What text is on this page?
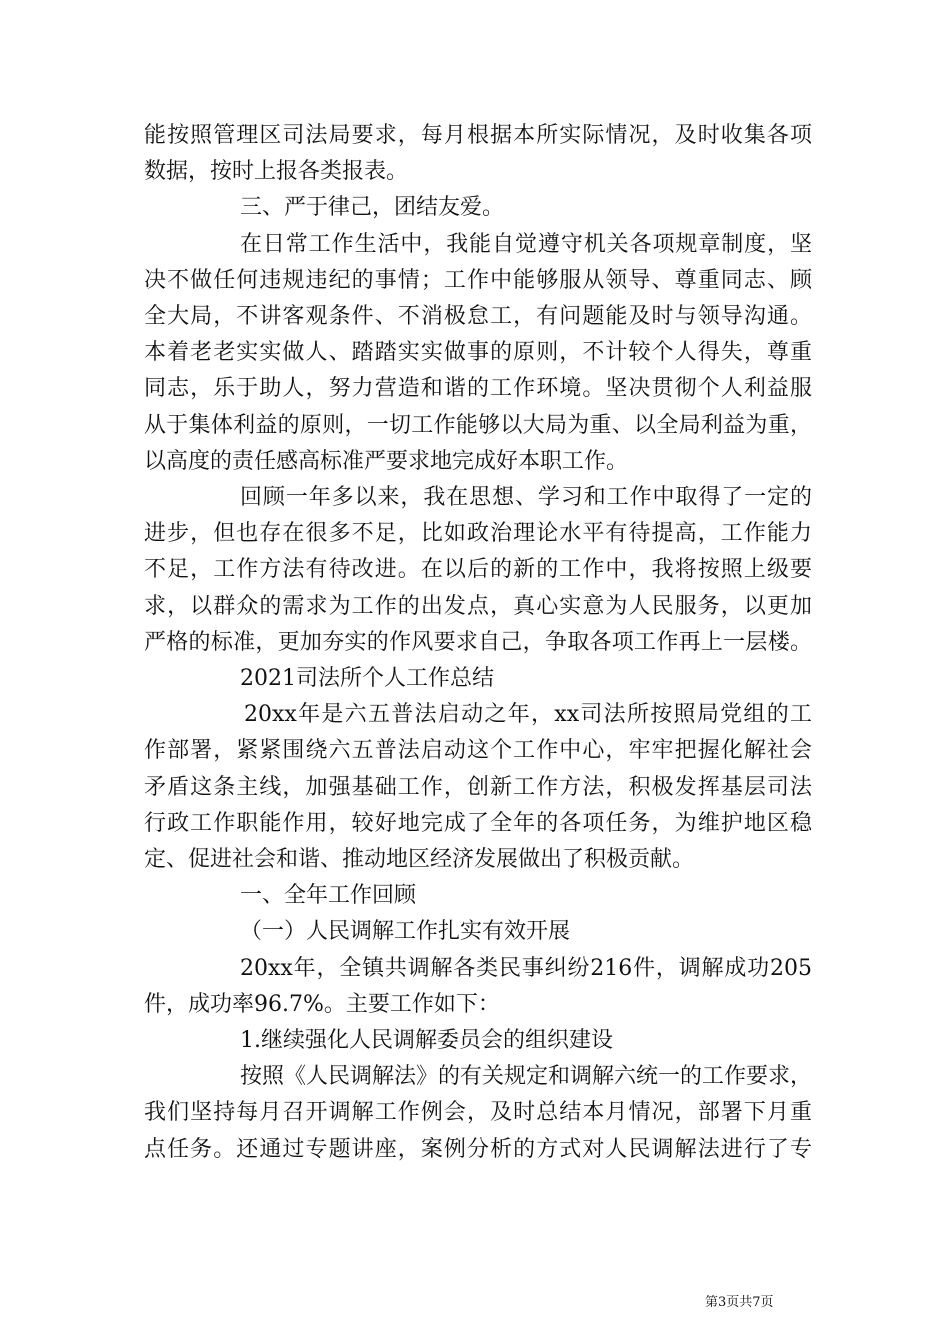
能按照管理区司法局要求，每月根据本所实际情况，及时收集各项
数据，按时上报各类报表。
三、严于律己，团结友爱。
在日常工作生活中，我能自觉遵守机关各项规章制度，坚
决不做任何违规违纪的事情；工作中能够服从领导、尊重同志、顾
全大局，不讲客观条件、不消极怠工，有问题能及时与领导沟通。
本着老老实实做人、踏踏实实做事的原则，不计较个人得失，尊重
同志，乐于助人，努力营造和谐的工作环境。坚决贯彻个人利益服
从于集体利益的原则，一切工作能够以大局为重、以全局利益为重，
以高度的责任感高标准严要求地完成好本职工作。
回顾一年多以来，我在思想、学习和工作中取得了一定的
进步，但也存在很多不足，比如政治理论水平有待提高，工作能力
不足，工作方法有待改进。在以后的新的工作中，我将按照上级要
求，以群众的需求为工作的出发点，真心实意为人民服务，以更加
严格的标准，更加夯实的作风要求自己，争取各项工作再上一层楼。
2021司法所个人工作总结
20xx年是六五普法启动之年，xx司法所按照局党组的工
作部署，紧紧围绕六五普法启动这个工作中心，牢牢把握化解社会
矛盾这条主线，加强基础工作，创新工作方法，积极发挥基层司法
行政工作职能作用，较好地完成了全年的各项任务，为维护地区稳
定、促进社会和谐、推动地区经济发展做出了积极贡献。
一、全年工作回顾
（一）人民调解工作扎实有效开展
20xx年，全镇共调解各类民事纠纷216件，调解成功205
件，成功率96.7%。主要工作如下：
1.继续强化人民调解委员会的组织建设
按照《人民调解法》的有关规定和调解六统一的工作要求，
我们坚持每月召开调解工作例会，及时总结本月情况，部署下月重
点任务。还通过专题讲座，案例分析的方式对人民调解法进行了专
第3页共7页
